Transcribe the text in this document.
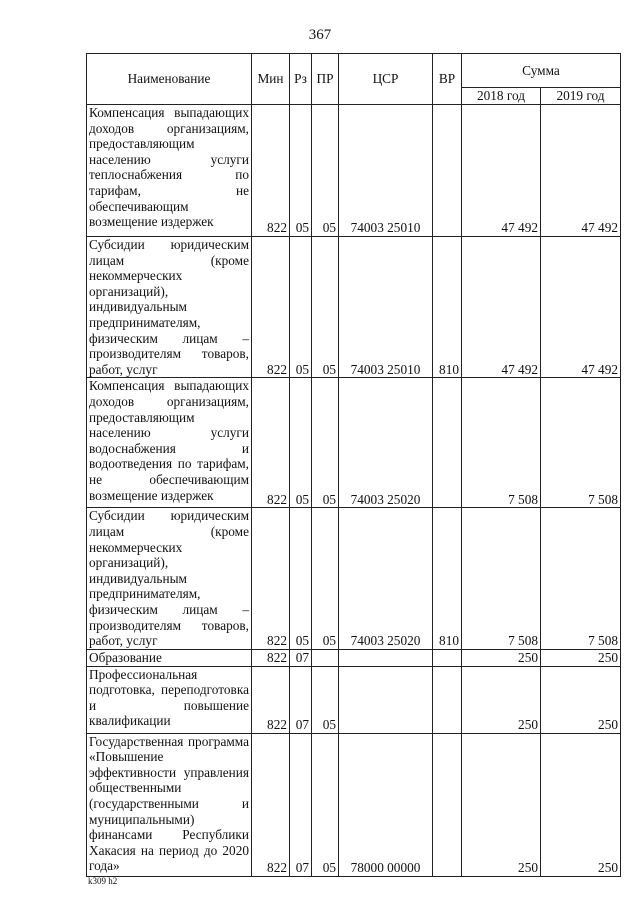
367
Наименование	Мин	Рз	ПР	ЦСР	ВР	Сумма	
						2018 год	2019 год
Компенсация выпадающих доходов организациям, предоставляющим населению услуги теплоснабжения по тарифам, не обеспечивающим возмещение издержек	822	05	05	74003 25010		47 492	47 492
Субсидии юридическим лицам (кроме некоммерческих организаций), индивидуальным предпринимателям, физическим лицам – производителям товаров, работ, услуг	822	05	05	74003 25010	810	47 492	47 492
Компенсация выпадающих доходов организациям, предоставляющим населению услуги водоснабжения и водоотведения по тарифам, не обеспечивающим возмещение издержек	822	05	05	74003 25020		7 508	7 508
Субсидии юридическим лицам (кроме некоммерческих организаций), индивидуальным предпринимателям, физическим лицам – производителям товаров, работ, услуг	822	05	05	74003 25020	810	7 508	7 508
Образование	822	07				250	250
Профессиональная подготовка, переподготовка и повышение квалификации	822	07	05			250	250
Государственная программа «Повышение эффективности управления общественными (государственными и муниципальными) финансами Республики Хакасия на период до 2020 года»	822	07	05	78000 00000		250	250
k309 h2
